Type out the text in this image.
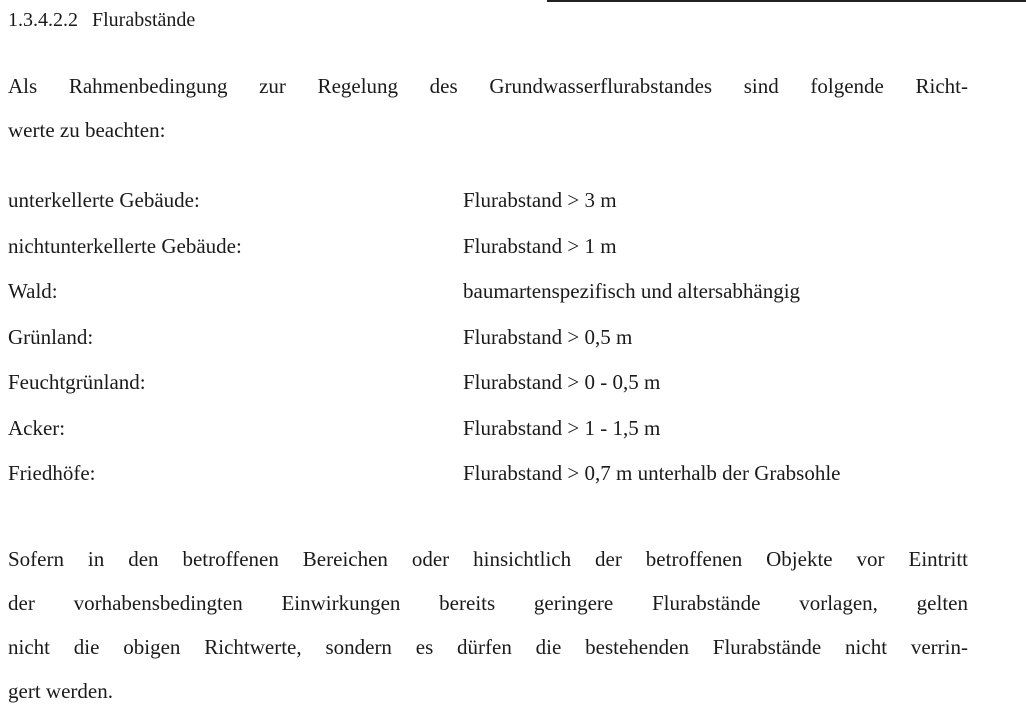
1.3.4.2.2 Flurabstände
Als Rahmenbedingung zur Regelung des Grundwasserflurabstandes sind folgende Richt-
werte zu beachten:
unterkellerte Gebäude:	Flurabstand > 3 m
nichtunterkellerte Gebäude:	Flurabstand > 1 m
Wald:	baumartenspezifisch und altersabhängig
Grünland:	Flurabstand > 0,5 m
Feuchtgrünland:	Flurabstand > 0 - 0,5 m
Acker:	Flurabstand > 1 - 1,5 m
Friedhöfe:	Flurabstand > 0,7 m unterhalb der Grabsohle
Sofern in den betroffenen Bereichen oder hinsichtlich der betroffenen Objekte vor Eintritt
der vorhabensbedingten Einwirkungen bereits geringere Flurabstände vorlagen, gelten
nicht die obigen Richtwerte, sondern es dürfen die bestehenden Flurabstände nicht verrin-
gert werden.
